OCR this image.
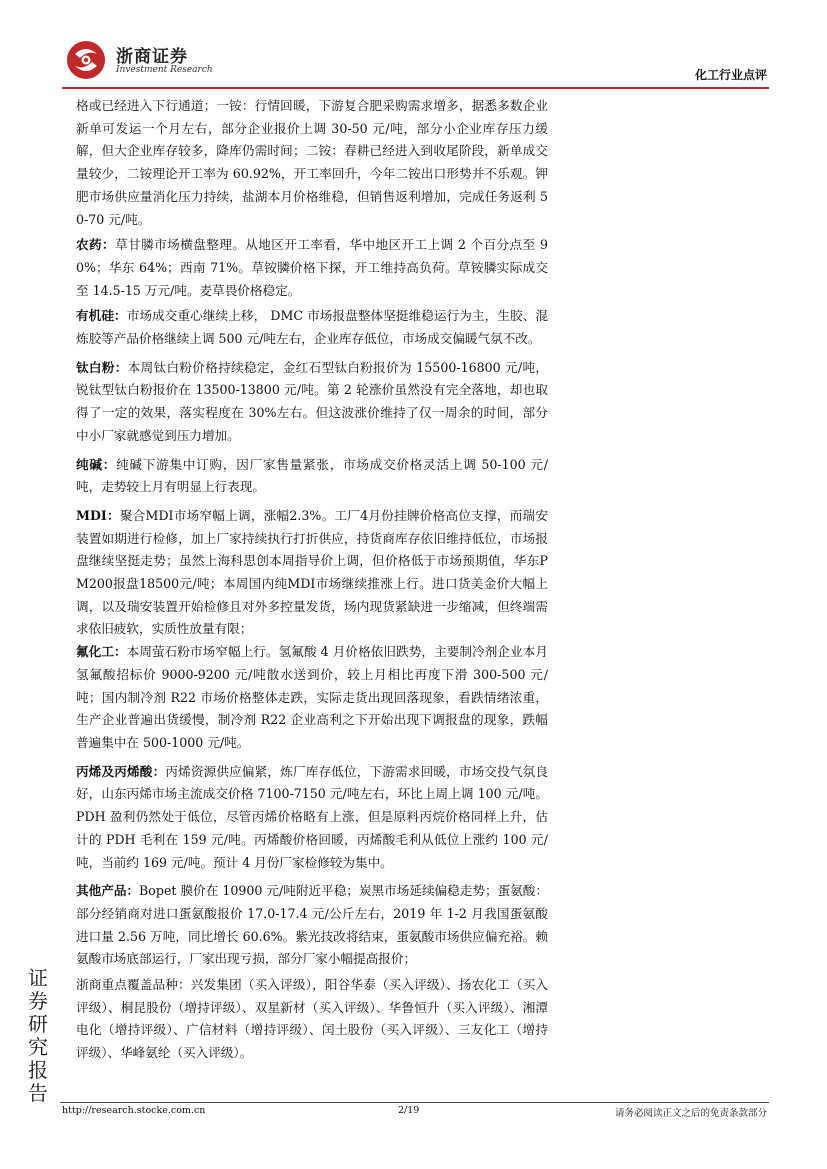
浙商证券
Investment Research	化工行业点评

格或已经进入下行通道；一铵：行情回暖，下游复合肥采购需求增多，据悉多数企业新单可发运一个月左右，部分企业报价上调 30-50 元/吨，部分小企业库存压力缓解，但大企业库存较多，降库仍需时间；二铵：春耕已经进入到收尾阶段，新单成交量较少，二铵理论开工率为 60.92%，开工率回升，今年二铵出口形势并不乐观。钾肥市场供应量消化压力持续，盐湖本月价格维稳，但销售返利增加，完成任务返利 50-70 元/吨。

农药：草甘膦市场横盘整理。从地区开工率看，华中地区开工上调 2 个百分点至 90%；华东 64%；西南 71%。草铵膦价格下探，开工维持高负荷。草铵膦实际成交至 14.5-15 万元/吨。麦草畏价格稳定。

有机硅：市场成交重心继续上移， DMC 市场报盘整体坚挺维稳运行为主，生胶、混炼胶等产品价格继续上调 500 元/吨左右，企业库存低位，市场成交偏暖气氛不改。

钛白粉：本周钛白粉价格持续稳定，金红石型钛白粉报价为 15500-16800 元/吨，锐钛型钛白粉报价在 13500-13800 元/吨。第 2 轮涨价虽然没有完全落地，却也取得了一定的效果，落实程度在 30%左右。但这波涨价维持了仅一周余的时间，部分中小厂家就感觉到压力增加。

纯碱：纯碱下游集中订购，因厂家售量紧张，市场成交价格灵活上调 50-100 元/吨，走势较上月有明显上行表现。

MDI：聚合MDI市场窄幅上调，涨幅2.3%。工厂4月份挂牌价格高位支撑，而瑞安装置如期进行检修，加上厂家持续执行打折供应，持货商库存依旧维持低位，市场报盘继续坚挺走势；虽然上海科思创本周指导价上调，但价格低于市场预期值，华东PM200报盘18500元/吨；本周国内纯MDI市场继续推涨上行。进口货美金价大幅上调，以及瑞安装置开始检修且对外多控量发货，场内现货紧缺进一步缩减，但终端需求依旧疲软，实质性放量有限；

氟化工：本周萤石粉市场窄幅上行。氢氟酸 4 月价格依旧跌势，主要制冷剂企业本月氢氟酸招标价 9000-9200 元/吨散水送到价，较上月相比再度下滑 300-500 元/吨；国内制冷剂 R22 市场价格整体走跌，实际走货出现回落现象，看跌情绪浓重，生产企业普遍出货缓慢，制冷剂 R22 企业高利之下开始出现下调报盘的现象，跌幅普遍集中在 500-1000 元/吨。

丙烯及丙烯酸：丙烯资源供应偏紧，炼厂库存低位，下游需求回暖，市场交投气氛良好，山东丙烯市场主流成交价格 7100-7150 元/吨左右，环比上周上调 100 元/吨。PDH 盈利仍然处于低位，尽管丙烯价格略有上涨，但是原料丙烷价格同样上升，估计的 PDH 毛利在 159 元/吨。丙烯酸价格回暖，丙烯酸毛利从低位上涨约 100 元/吨，当前约 169 元/吨。预计 4 月份厂家检修较为集中。

其他产品：Bopet 膜价在 10900 元/吨附近平稳；炭黑市场延续偏稳走势；蛋氨酸：部分经销商对进口蛋氨酸报价 17.0-17.4 元/公斤左右，2019 年 1-2 月我国蛋氨酸进口量 2.56 万吨，同比增长 60.6%。紫光技改将结束，蛋氨酸市场供应偏充裕。赖氨酸市场底部运行，厂家出现亏损，部分厂家小幅提高报价；

浙商重点覆盖品种：兴发集团（买入评级），阳谷华泰（买入评级）、扬农化工（买入评级）、桐昆股份（增持评级）、双星新材（买入评级）、华鲁恒升（买入评级）、湘潭电化（增持评级）、广信材料（增持评级）、闰土股份（买入评级）、三友化工（增持评级）、华峰氨纶（买入评级）。

证
券
研
究
报
告
http://research.stocke.com.cn	2/19	请务必阅读正文之后的免责条款部分
